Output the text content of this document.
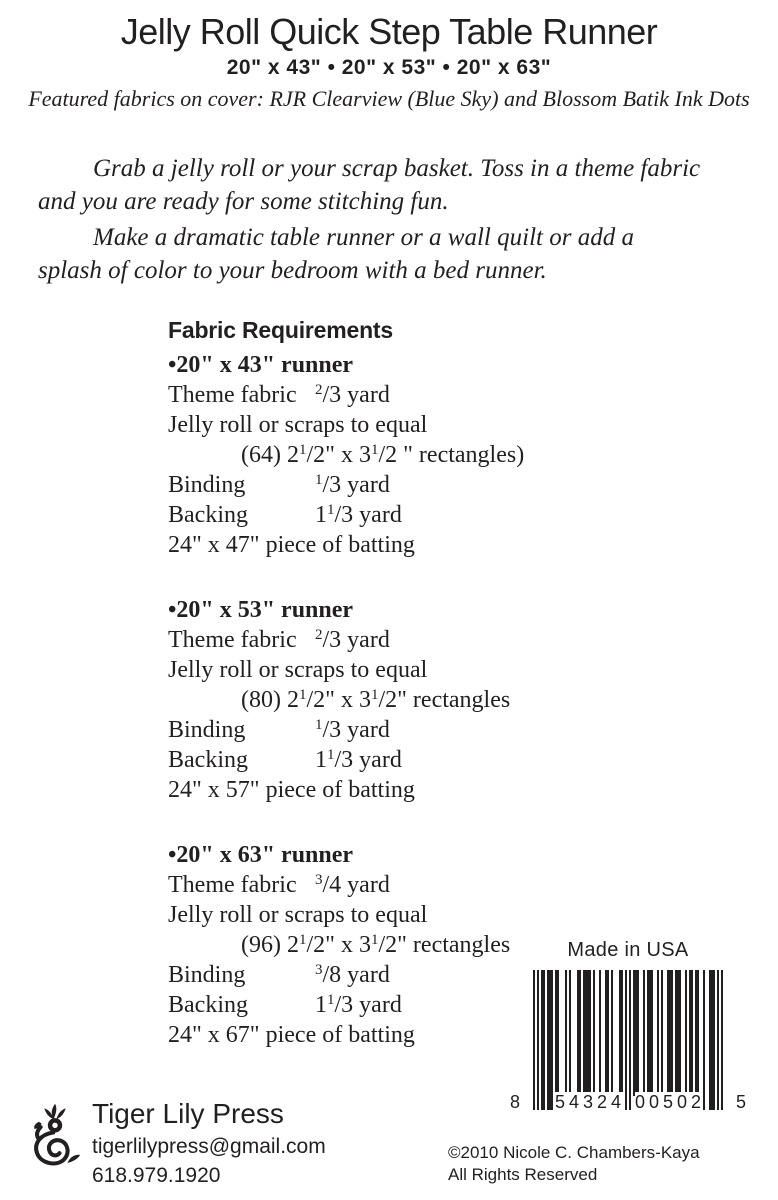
Jelly Roll Quick Step Table Runner
20" x 43" • 20" x 53" • 20" x 63"
Featured fabrics on cover: RJR Clearview (Blue Sky) and Blossom Batik Ink Dots
Grab a jelly roll or your scrap basket. Toss in a theme fabric
and you are ready for some stitching fun.
Make a dramatic table runner or a wall quilt or add a
splash of color to your bedroom with a bed runner.
Fabric Requirements
•20" x 43" runner
Theme fabric $^2$/3 yard
Jelly roll or scraps to equal
(64) $2^1/2$" x $3^1/2$ " rectangles)
Binding	$^1$/3 yard
Backing	$1^1/3$ yard
24" x 47" piece of batting
•20" x 53" runner
Theme fabric $^2$/3 yard
Jelly roll or scraps to equal
(80) $2^1/2$" x $3^1/2$" rectangles
Binding	$^1$/3 yard
Backing	$1^1/3$ yard
24" x 57" piece of batting
•20" x 63" runner
Theme fabric $^3$/4 yard
Jelly roll or scraps to equal
(96) $2^1/2$" x $3^1/2$" rectangles
Binding	$^3$/8 yard
Backing	$1^1/3$ yard
24" x 67" piece of batting
Made in USA
8 54324 00502 5
Tiger Lily Press
tigerlilypress@gmail.com
618.979.1920
©2010 Nicole C. Chambers-Kaya
All Rights Reserved
